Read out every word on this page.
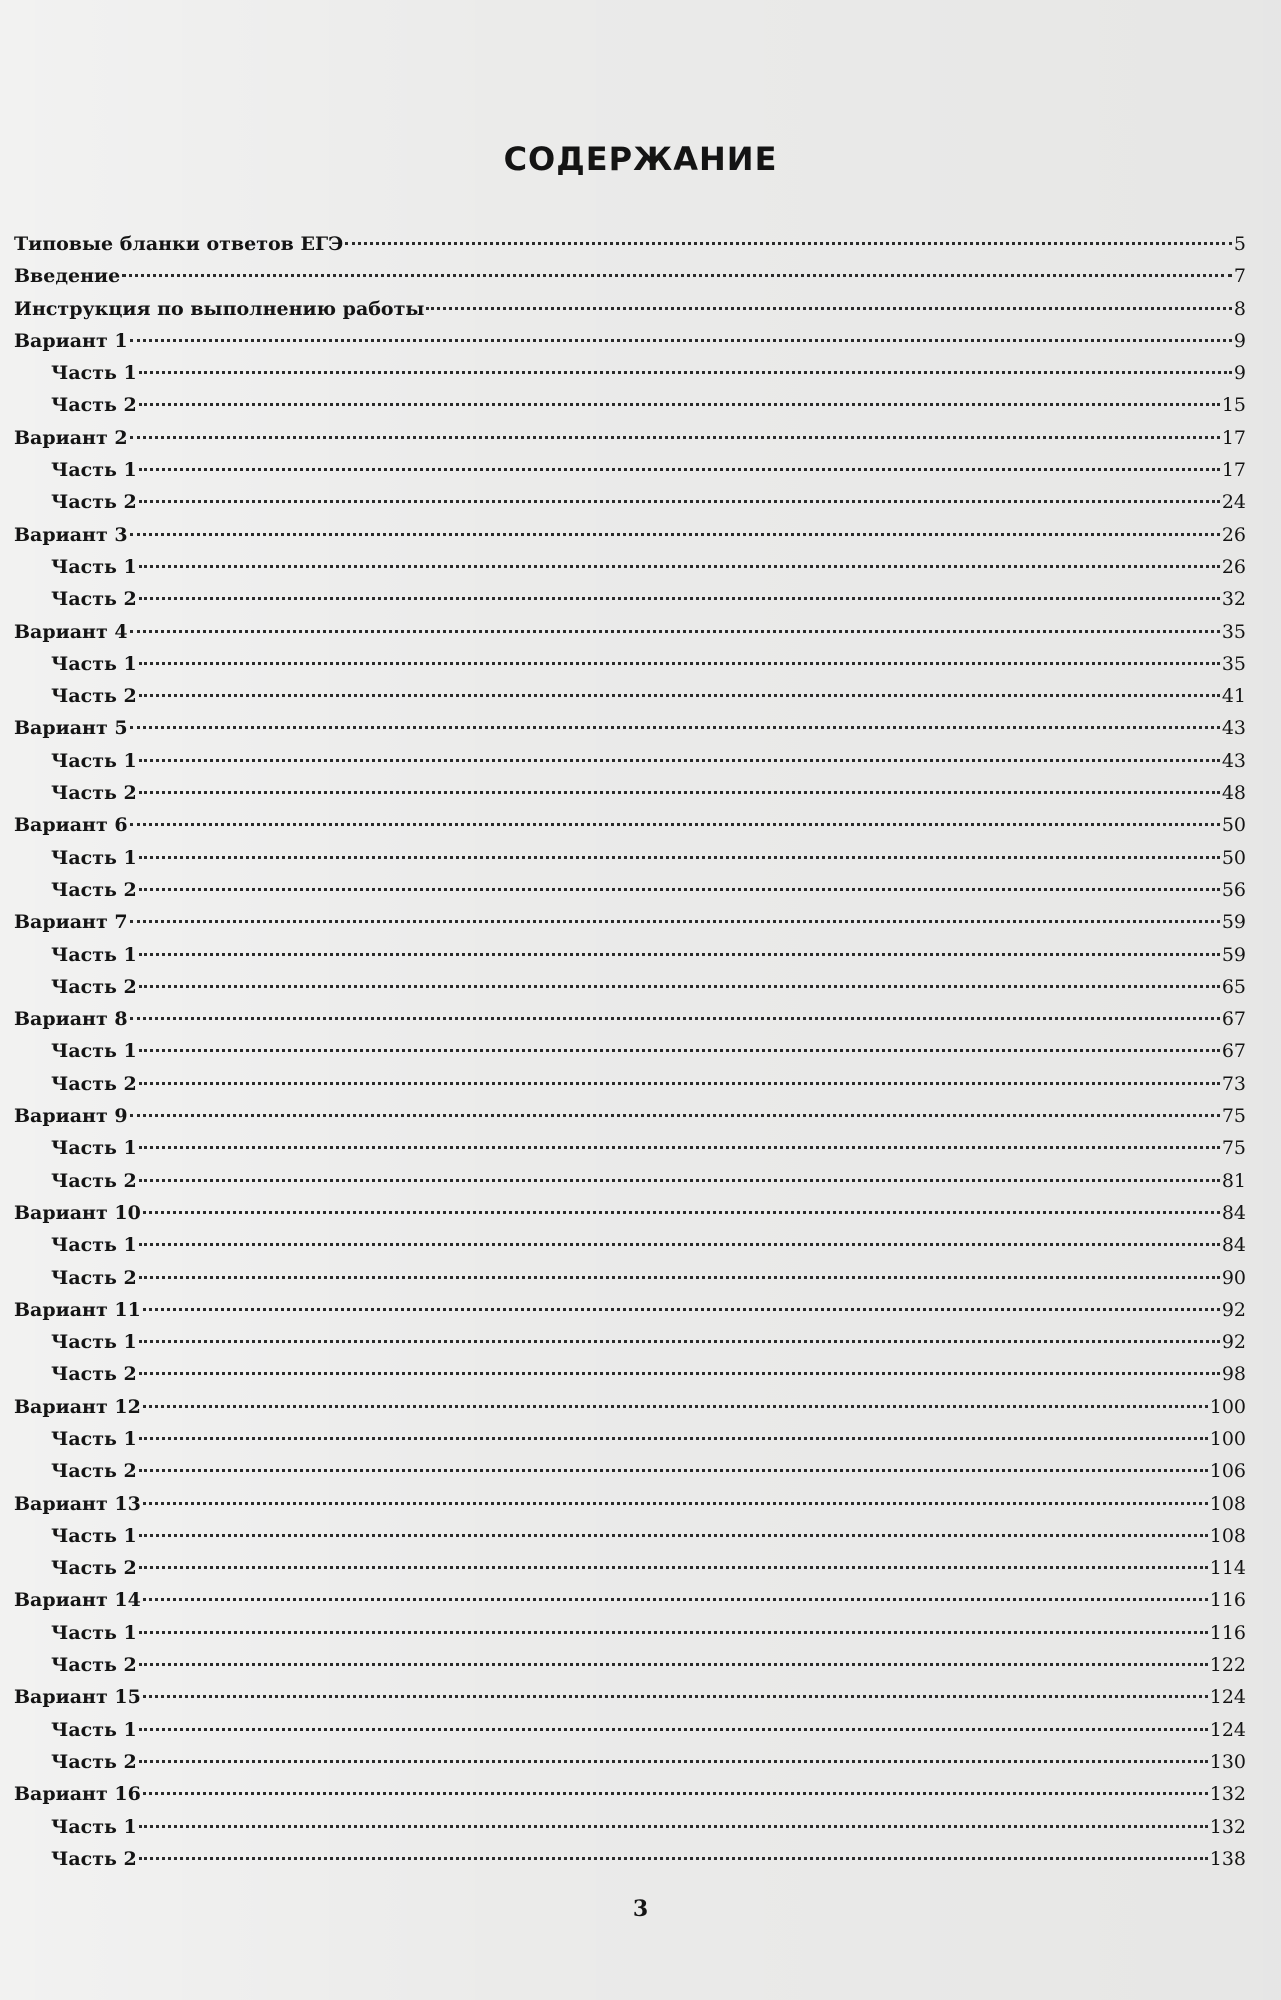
СОДЕРЖАНИЕ
Типовые бланки ответов ЕГЭ	5
Введение	7
Инструкция по выполнению работы	8
Вариант 1	9
Часть 1	9
Часть 2	15
Вариант 2	17
Часть 1	17
Часть 2	24
Вариант 3	26
Часть 1	26
Часть 2	32
Вариант 4	35
Часть 1	35
Часть 2	41
Вариант 5	43
Часть 1	43
Часть 2	48
Вариант 6	50
Часть 1	50
Часть 2	56
Вариант 7	59
Часть 1	59
Часть 2	65
Вариант 8	67
Часть 1	67
Часть 2	73
Вариант 9	75
Часть 1	75
Часть 2	81
Вариант 10	84
Часть 1	84
Часть 2	90
Вариант 11	92
Часть 1	92
Часть 2	98
Вариант 12	100
Часть 1	100
Часть 2	106
Вариант 13	108
Часть 1	108
Часть 2	114
Вариант 14	116
Часть 1	116
Часть 2	122
Вариант 15	124
Часть 1	124
Часть 2	130
Вариант 16	132
Часть 1	132
Часть 2	138
3
